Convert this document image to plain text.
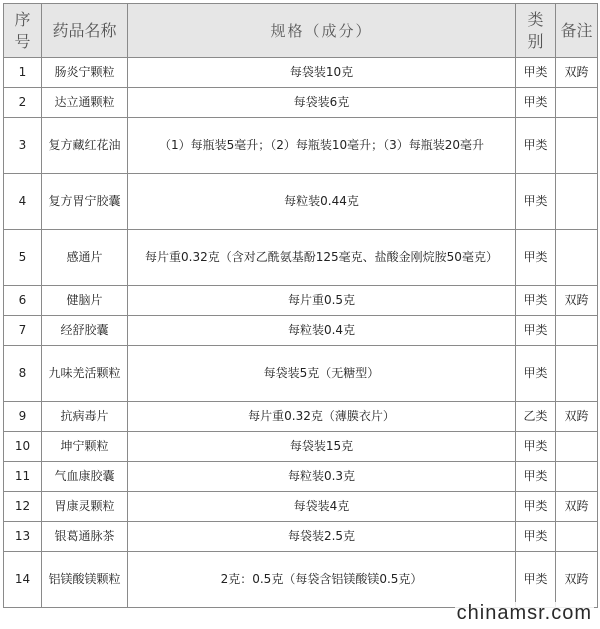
序号	药品名称	规格（成分）	类别	备注
1	肠炎宁颗粒	每袋装10克	甲类	双跨
2	达立通颗粒	每袋装6克	甲类	
3	复方藏红花油	（1）每瓶装5毫升；（2）每瓶装10毫升；（3）每瓶装20毫升	甲类	
4	复方胃宁胶囊	每粒装0.44克	甲类	
5	感通片	每片重0.32克（含对乙酰氨基酚125毫克、盐酸金刚烷胺50毫克）	甲类	
6	健脑片	每片重0.5克	甲类	双跨
7	经舒胶囊	每粒装0.4克	甲类	
8	九味羌活颗粒	每袋装5克（无糖型）	甲类	
9	抗病毒片	每片重0.32克（薄膜衣片）	乙类	双跨
10	坤宁颗粒	每袋装15克	甲类	
11	气血康胶囊	每粒装0.3克	甲类	
12	胃康灵颗粒	每袋装4克	甲类	双跨
13	银葛通脉茶	每袋装2.5克	甲类	
14	铝镁酸镁颗粒	2克：0.5克（每袋含铝镁酸镁0.5克）	甲类	双跨
chinamsr.com
